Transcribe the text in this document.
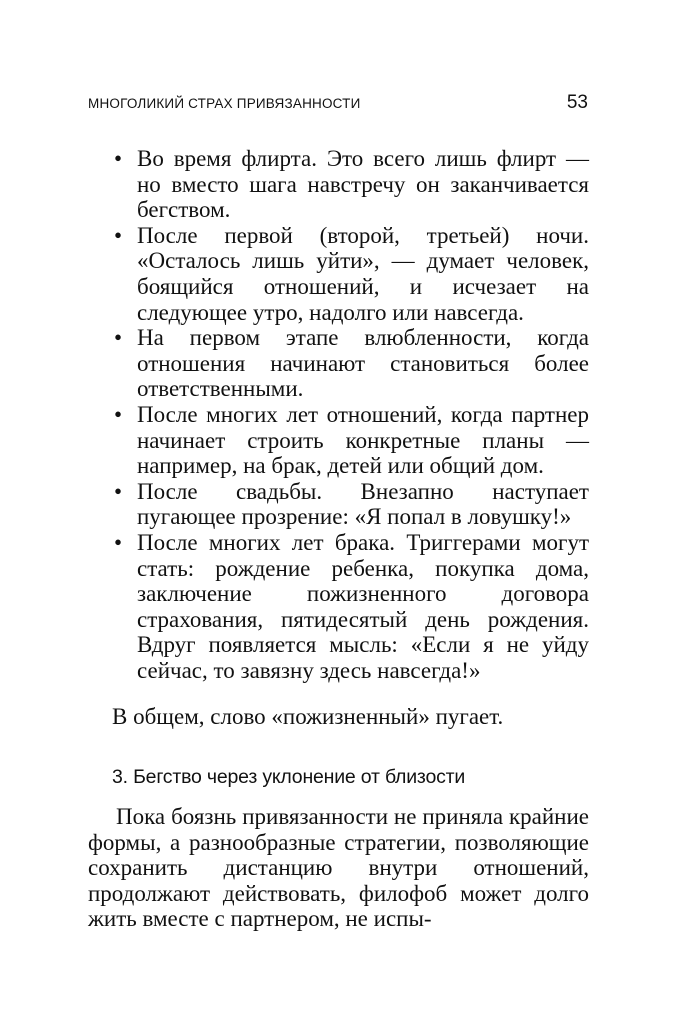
МНОГОЛИКИЙ СТРАХ ПРИВЯЗАННОСТИ	53
• Во время флирта. Это всего лишь флирт — но вместо шага навстречу он заканчивается бегством.
• После первой (второй, третьей) ночи. «Осталось лишь уйти», — думает человек, боящийся отношений, и исчезает на следующее утро, надолго или навсегда.
• На первом этапе влюбленности, когда отношения начинают становиться более ответственными.
• После многих лет отношений, когда партнер начинает строить конкретные планы — например, на брак, детей или общий дом.
• После свадьбы. Внезапно наступает пугающее прозрение: «Я попал в ловушку!»
• После многих лет брака. Триггерами могут стать: рождение ребенка, покупка дома, заключение пожизненного договора страхования, пятидесятый день рождения. Вдруг появляется мысль: «Если я не уйду сейчас, то завязну здесь навсегда!»

В общем, слово «пожизненный» пугает.

3. Бегство через уклонение от близости

Пока боязнь привязанности не приняла крайние формы, а разнообразные стратегии, позволяющие сохранить дистанцию внутри отношений, продолжают действовать, филофоб может долго жить вместе с партнером, не испы-
